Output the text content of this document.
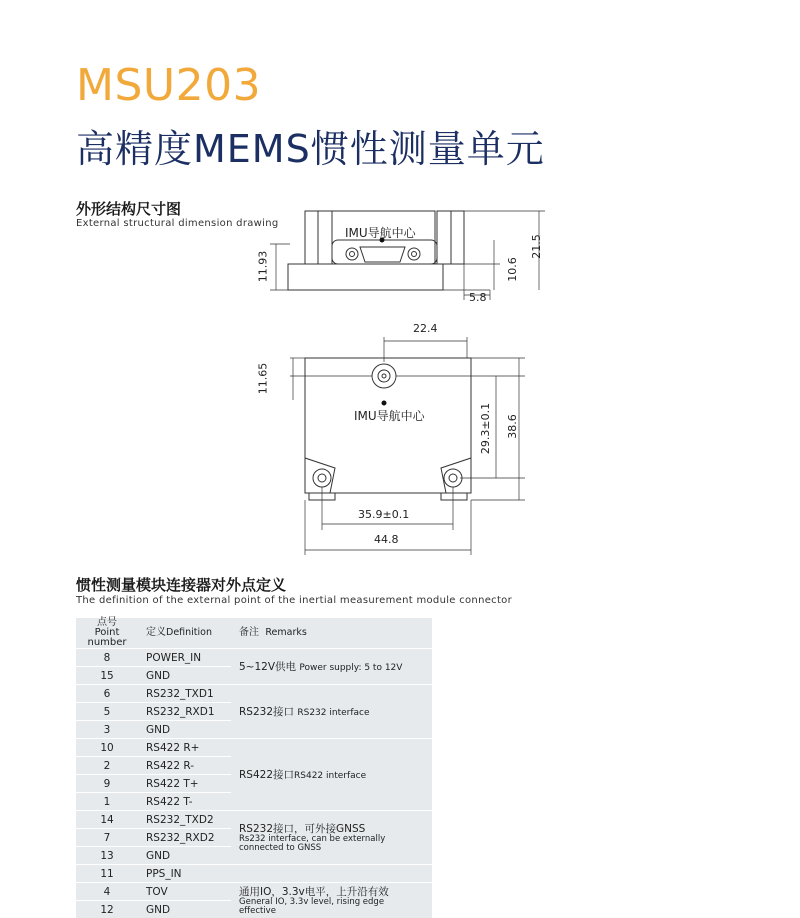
MSU203
高精度MEMS惯性测量单元
外形结构尺寸图
External structural dimension drawing
IMU导航中心
IMU导航中心
11.93	10.6
21.5
5.8
22.4
11.65
29.3±0.1 38.6
35.9±0.1
44.8
惯性测量模块连接器对外点定义
The definition of the external point of the inertial measurement module connector
点号
Point number	定义Definition	备注 Remarks
8	POWER_IN	5~12V供电 Power supply: 5 to 12V
15	GND	
6	RS232_TXD1	RS232接口 RS232 interface
5	RS232_RXD1	
3	GND	
10	RS422 R+	RS422接口RS422 interface
2	RS422 R-	
9	RS422 T+	
1	RS422 T-	
14	RS232_TXD2	RS232接口，可外接GNSS
Rs232 interface, can be externally connected to GNSS

7	RS232_RXD2	
13	GND	
11	PPS_IN	
4	TOV	通用IO，3.3v电平，上升沿有效
General IO, 3.3v level, rising edge effective

12	GND	
